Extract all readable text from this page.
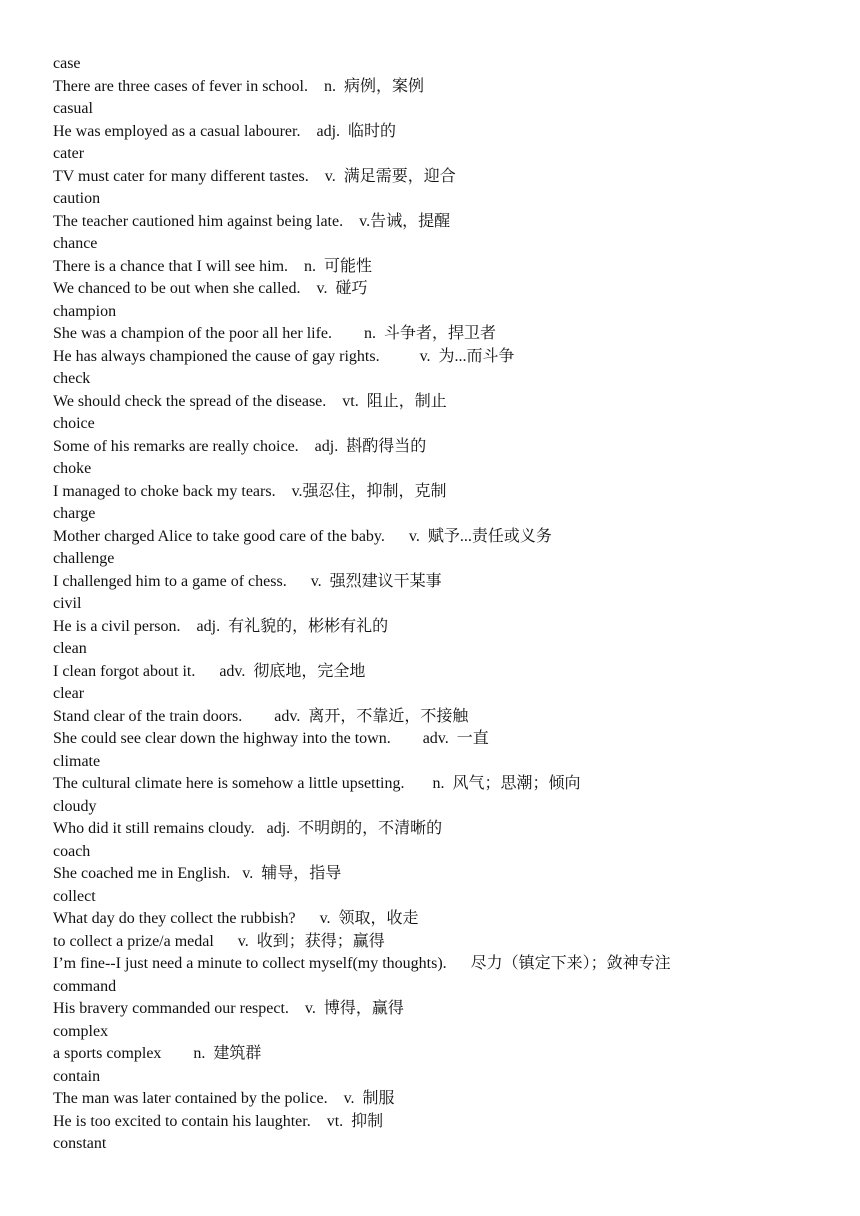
case
There are three cases of fever in school.    n.  病例，案例
casual
He was employed as a casual labourer.    adj.  临时的
cater
TV must cater for many different tastes.    v.  满足需要，迎合
caution
The teacher cautioned him against being late.    v.告诫，提醒
chance
There is a chance that I will see him.    n.  可能性
We chanced to be out when she called.    v.  碰巧
champion
She was a champion of the poor all her life.        n.  斗争者，捍卫者
He has always championed the cause of gay rights.          v.  为...而斗争
check
We should check the spread of the disease.    vt.  阻止，制止
choice
Some of his remarks are really choice.    adj.  斟酌得当的
choke
I managed to choke back my tears.    v.强忍住，抑制，克制
charge
Mother charged Alice to take good care of the baby.      v.  赋予...责任或义务
challenge
I challenged him to a game of chess.      v.  强烈建议干某事
civil
He is a civil person.    adj.  有礼貌的，彬彬有礼的
clean
I clean forgot about it.      adv.  彻底地，完全地
clear
Stand clear of the train doors.        adv.  离开，不靠近，不接触
She could see clear down the highway into the town.        adv.  一直
climate
The cultural climate here is somehow a little upsetting.       n.  风气；思潮；倾向
cloudy
Who did it still remains cloudy.   adj.  不明朗的，不清晰的
coach
She coached me in English.   v.  辅导，指导
collect
What day do they collect the rubbish?      v.  领取，收走
to collect a prize/a medal      v.  收到；获得；赢得
I’m fine--I just need a minute to collect myself(my thoughts).      尽力（镇定下来）；敛神专注
command
His bravery commanded our respect.    v.  博得，赢得
complex
a sports complex        n.  建筑群
contain
The man was later contained by the police.    v.  制服
He is too excited to contain his laughter.    vt.  抑制
constant
